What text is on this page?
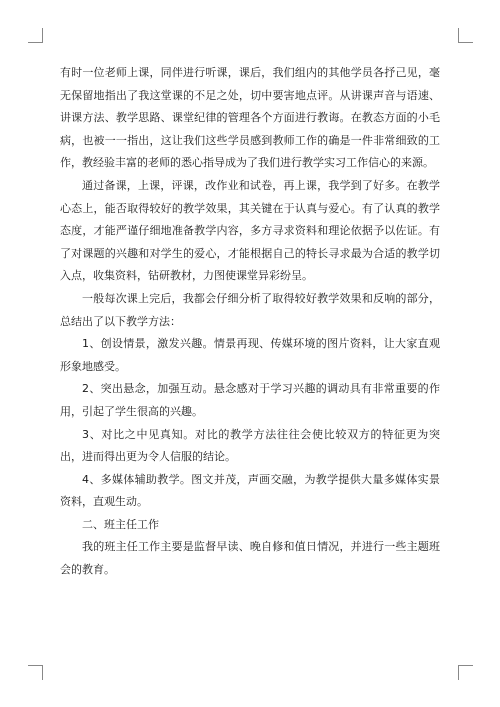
有时一位老师上课，同伴进行听课，课后，我们组内的其他学员各抒己见，毫无保留地指出了我这堂课的不足之处，切中要害地点评。从讲课声音与语速、讲课方法、教学思路、课堂纪律的管理各个方面进行教诲。在教态方面的小毛病，也被一一指出，这让我们这些学员感到教师工作的确是一件非常细致的工作，教经验丰富的老师的悉心指导成为了我们进行教学实习工作信心的来源。

通过备课，上课，评课，改作业和试卷，再上课，我学到了好多。在教学心态上，能否取得较好的教学效果，其关键在于认真与爱心。有了认真的教学态度，才能严谨仔细地准备教学内容，多方寻求资料和理论依据予以佐证。有了对课题的兴趣和对学生的爱心，才能根据自己的特长寻求最为合适的教学切入点，收集资料，钻研教材，力图使课堂异彩纷呈。

一般每次课上完后，我都会仔细分析了取得较好教学效果和反响的部分，总结出了以下教学方法：

1、创设情景，激发兴趣。情景再现、传媒环境的图片资料，让大家直观形象地感受。

2、突出悬念，加强互动。悬念感对于学习兴趣的调动具有非常重要的作用，引起了学生很高的兴趣。

3、对比之中见真知。对比的教学方法往往会使比较双方的特征更为突出，进而得出更为令人信服的结论。

4、多媒体辅助教学。图文并茂，声画交融，为教学提供大量多媒体实景资料，直观生动。

二、班主任工作

我的班主任工作主要是监督早读、晚自修和值日情况，并进行一些主题班会的教育。
